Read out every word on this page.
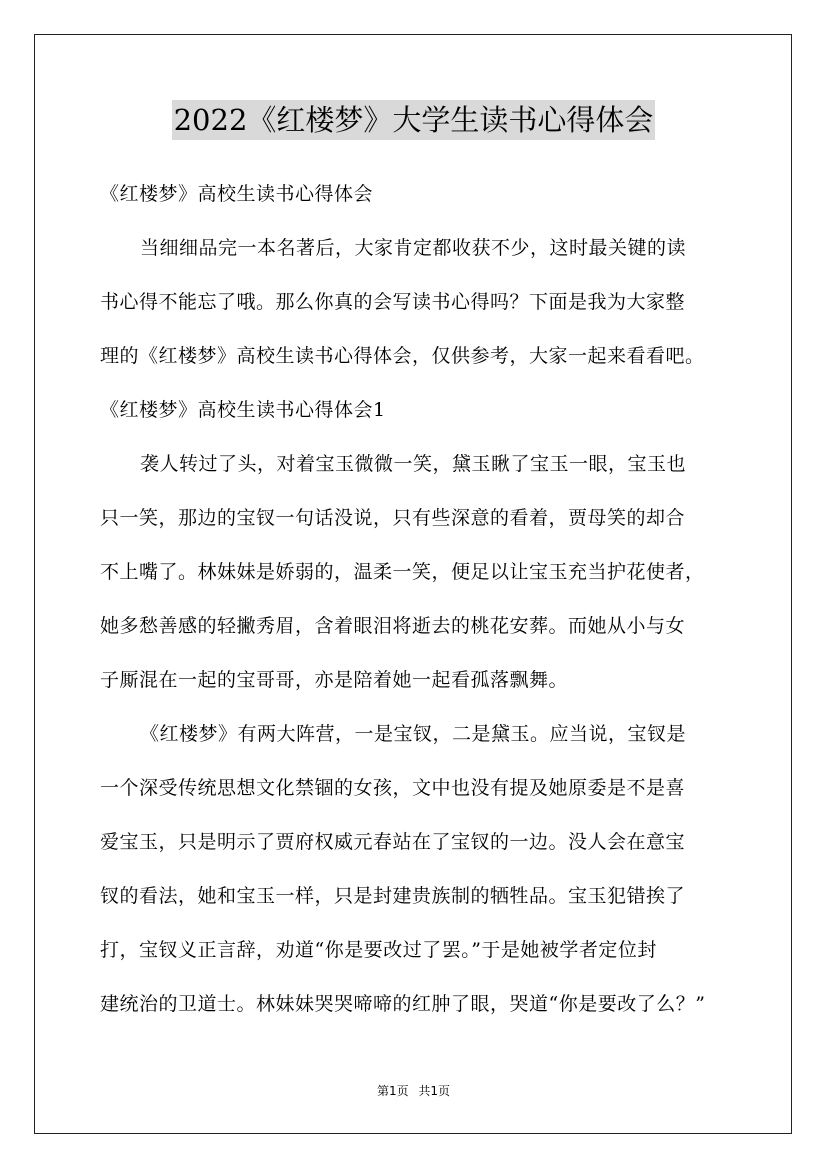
2022《红楼梦》大学生读书心得体会
《红楼梦》高校生读书心得体会
当细细品完一本名著后，大家肯定都收获不少，这时最关键的读
书心得不能忘了哦。那么你真的会写读书心得吗？下面是我为大家整
理的《红楼梦》高校生读书心得体会，仅供参考，大家一起来看看吧。
《红楼梦》高校生读书心得体会1
袭人转过了头，对着宝玉微微一笑，黛玉瞅了宝玉一眼，宝玉也
只一笑，那边的宝钗一句话没说，只有些深意的看着，贾母笑的却合
不上嘴了。林妹妹是娇弱的，温柔一笑，便足以让宝玉充当护花使者，
她多愁善感的轻撇秀眉，含着眼泪将逝去的桃花安葬。而她从小与女
子厮混在一起的宝哥哥，亦是陪着她一起看孤落飘舞。
《红楼梦》有两大阵营，一是宝钗，二是黛玉。应当说，宝钗是
一个深受传统思想文化禁锢的女孩，文中也没有提及她原委是不是喜
爱宝玉，只是明示了贾府权威元春站在了宝钗的一边。没人会在意宝
钗的看法，她和宝玉一样，只是封建贵族制的牺牲品。宝玉犯错挨了
打，宝钗义正言辞，劝道“你是要改过了罢。”于是她被学者定位封
建统治的卫道士。林妹妹哭哭啼啼的红肿了眼，哭道“你是要改了么？”
第1页 共1页
